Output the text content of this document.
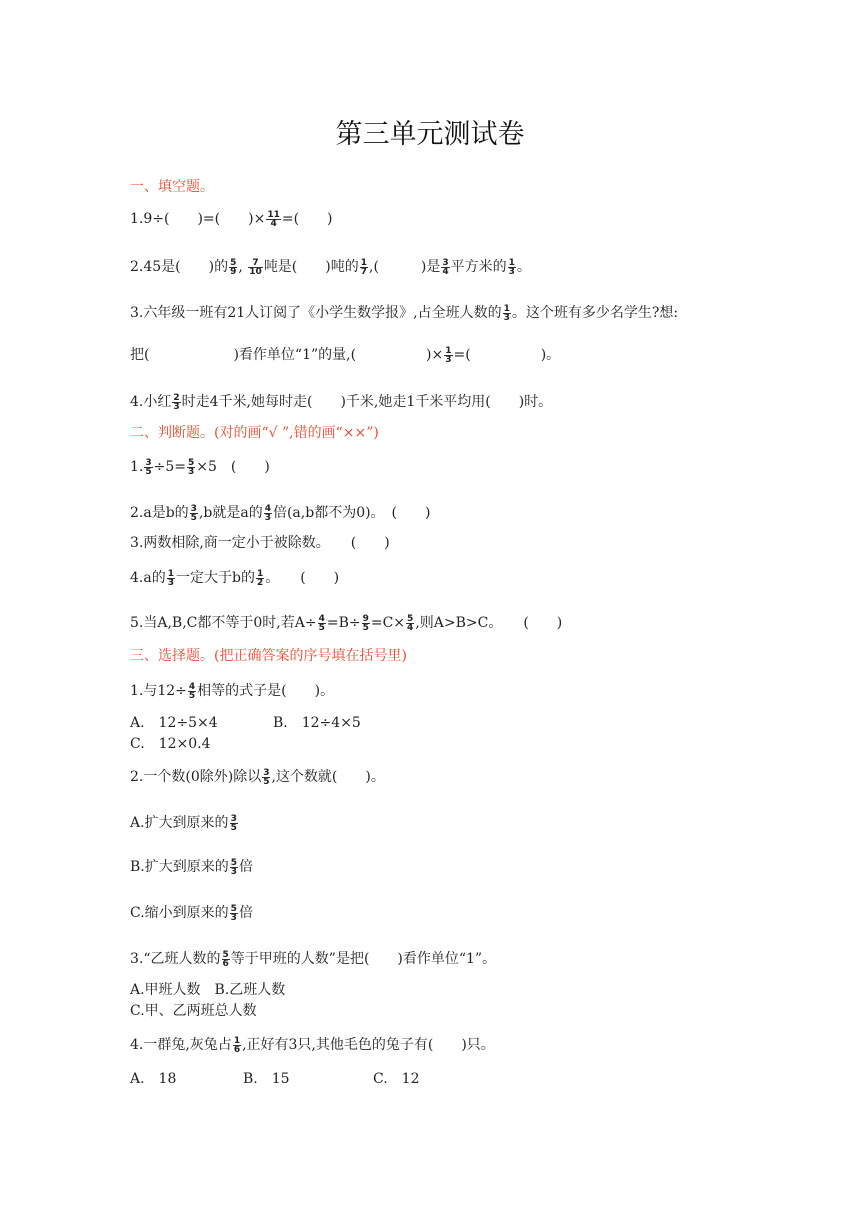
第三单元测试卷
一、填空题。
1.9÷(　　)=(　　)× $\frac{11}{4}$ =(　　)
2.45是(　　)的 $\frac{5}{9}$ , $\frac{7}{10}$ 吨是(　　)吨的 $\frac{1}{7}$ ,(　　　)是 $\frac{3}{4}$ 平方米的 $\frac{1}{3}$ 。
3.六年级一班有21人订阅了《小学生数学报》,占全班人数的 $\frac{1}{3}$ 。这个班有多少名学生?想:
把(　　　　　　)看作单位“1”的量,(　　　　　)× $\frac{1}{3}$ =(　　　　　)。
4.小红 $\frac{2}{3}$ 时走4千米,她每时走(　　)千米,她走1千米平均用(　　)时。
二、判断题。(对的画“√ ”,错的画“××”)
1. $\frac{3}{5} \div 5= \frac{5}{3} \times 5$　(　　)
2.a是b的 $\frac{3}{5} ,b$就是a的 $\frac{4}{3}$ 倍(a,b都不为0)。　(　　)
3.两数相除,商一定小于被除数。　　(　　)
4.a的 $\frac{1}{3}$ 一定大于b的 $\frac{1}{2}$ 。　　(　　)
5.当A,B,C都不等于0时,若$A\div \frac{4}{5} =B\div \frac{9}{5} =C\times \frac{5}{4}$ ,则A>B>C。　　(　　)
三、选择题。(把正确答案的序号填在括号里)
1.与$12\div \frac{4}{5}$ 相等的式子是(　　)。
A.　12÷5×4	B.　12÷4×5
C.　12×0.4
2.一个数(0除外)除以 $\frac{3}{5}$ ,这个数就(　　)。
A.扩大到原来的 $\frac{3}{5}$
B.扩大到原来的 $\frac{5}{3}$ 倍
C.缩小到原来的 $\frac{5}{3}$ 倍
3.“乙班人数的 $\frac{5}{6}$ 等于甲班的人数”是把(　　)看作单位“1”。
A.甲班人数　B.乙班人数
C.甲、乙两班总人数
4.一群兔,灰兔占 $\frac{1}{6}$ ,正好有3只,其他毛色的兔子有(　　)只。
A.　18	B.　15	C.　12
